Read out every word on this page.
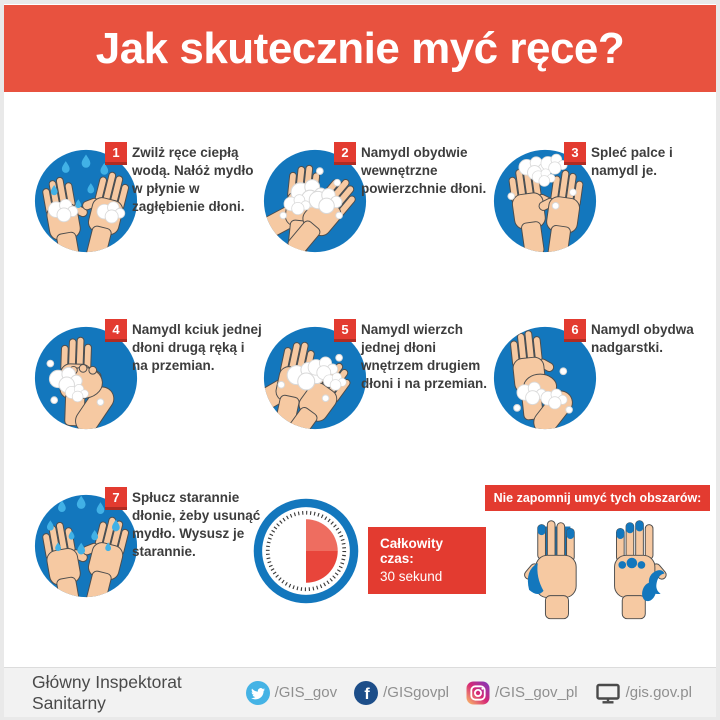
Jak skutecznie myć ręce?
1 Zwilż ręce ciepłą wodą. Nałóż mydło w płynie w zagłębienie dłoni.
2 Namydl obydwie wewnętrzne powierzchnie dłoni.
3 Spleć palce i namydl je.
4 Namydl kciuk jednej dłoni drugą ręką i na przemian.
5 Namydl wierzch jednej dłoni wnętrzem drugiem dłoni i na przemian.
6 Namydl obydwa nadgarstki.
7 Spłucz starannie dłonie, żeby usunąć mydło. Wysusz je starannie.
Całkowity czas:
30 sekund
Nie zapomnij umyć tych obszarów:
Główny Inspektorat Sanitarny	/GIS_gov f /GISgovpl	/GIS_gov_pl	/gis.gov.pl
